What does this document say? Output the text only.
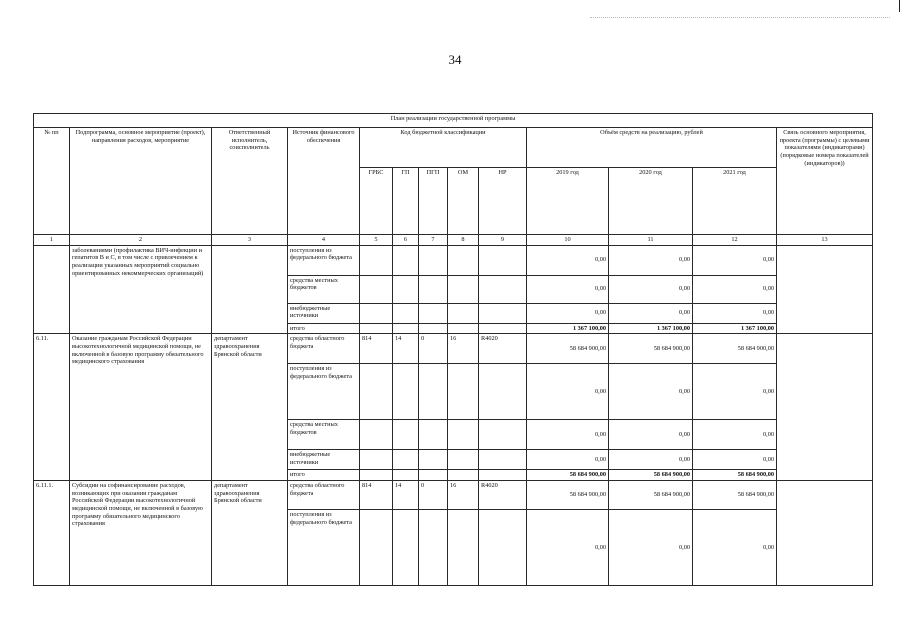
34
План реализации государственной программы												
№ пп	Подпрограмма, основное мероприятие (проект), направления расходов, мероприятие	Ответственный исполнитель, соисполнитель	Источник финансового обеспечения	Код бюджетной классификации					Объём средств на реализацию, рублей			Связь основного мероприятия, проекта (программы) с целевыми показателями (индикаторами) (порядковые номера показателей (индикаторов))
				ГРБС	ГП	ПГП	ОМ	НР	2019 год	2020 год	2021 год	
1	2	3	4	5	6	7	8	9	10	11	12	13
	заболеваниями (профилактика ВИЧ-инфекции и гепатитов В и С, в том числе с привлечением к реализации указанных мероприятий социально ориентированных некоммерческих организаций)		поступления из федерального бюджета						0,00	0,00	0,00	
			средства местных бюджетов						0,00	0,00	0,00	
			внебюджетные источники						0,00	0,00	0,00	
			итого						1 367 100,00	1 367 100,00	1 367 100,00	
6.11.	Оказание гражданам Российской Федерации высокотехнологичной медицинской помощи, не включенной в базовую программу обязательного медицинского страхования	департамент здравоохранения Брянской области	средства областного бюджета	814	14	0	16	R4020	58 684 900,00	58 684 900,00	58 684 900,00	
			поступления из федерального бюджета						0,00	0,00	0,00	
			средства местных бюджетов						0,00	0,00	0,00	
			внебюджетные источники						0,00	0,00	0,00	
			итого						58 684 900,00	58 684 900,00	58 684 900,00	
6.11.1.	Субсидии на софинансирование расходов, возникающих при оказании гражданам Российской Федерации высокотехнологичной медицинской помощи, не включенной в базовую программу обязательного медицинского страхования	департамент здравоохранения Брянской области	средства областного бюджета	814	14	0	16	R4020	58 684 900,00	58 684 900,00	58 684 900,00	
			поступления из федерального бюджета						0,00	0,00	0,00	
